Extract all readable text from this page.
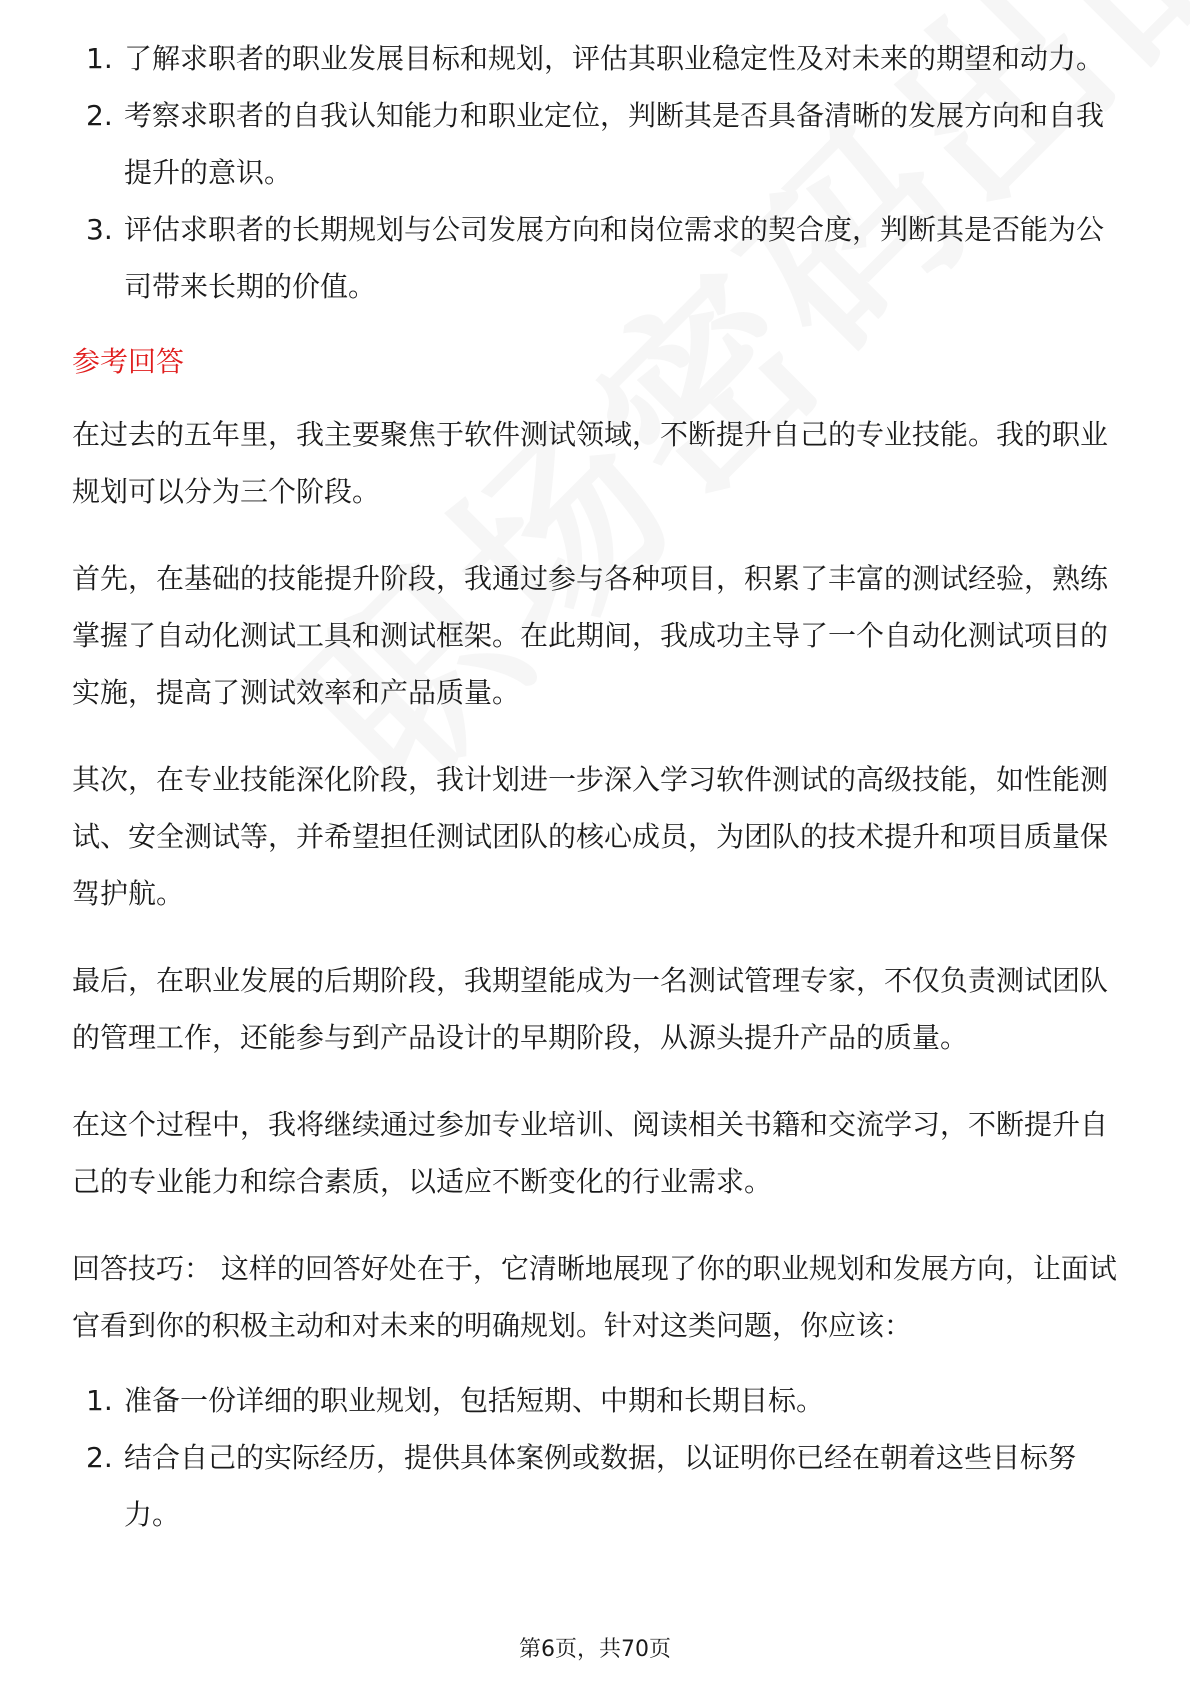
1. 了解求职者的职业发展目标和规划，评估其职业稳定性及对未来的期望和动力。
2. 考察求职者的自我认知能力和职业定位，判断其是否具备清晰的发展方向和自我提升的意识。
3. 评估求职者的长期规划与公司发展方向和岗位需求的契合度，判断其是否能为公司带来长期的价值。
参考回答

在过去的五年里，我主要聚焦于软件测试领域，不断提升自己的专业技能。我的职业规划可以分为三个阶段。

首先，在基础的技能提升阶段，我通过参与各种项目，积累了丰富的测试经验，熟练掌握了自动化测试工具和测试框架。在此期间，我成功主导了一个自动化测试项目的实施，提高了测试效率和产品质量。

其次，在专业技能深化阶段，我计划进一步深入学习软件测试的高级技能，如性能测试、安全测试等，并希望担任测试团队的核心成员，为团队的技术提升和项目质量保驾护航。

最后，在职业发展的后期阶段，我期望能成为一名测试管理专家，不仅负责测试团队的管理工作，还能参与到产品设计的早期阶段，从源头提升产品的质量。

在这个过程中，我将继续通过参加专业培训、阅读相关书籍和交流学习，不断提升自己的专业能力和综合素质，以适应不断变化的行业需求。

回答技巧： 这样的回答好处在于，它清晰地展现了你的职业规划和发展方向，让面试官看到你的积极主动和对未来的明确规划。针对这类问题，你应该：

1. 准备一份详细的职业规划，包括短期、中期和长期目标。
2. 结合自己的实际经历，提供具体案例或数据，以证明你已经在朝着这些目标努力。
第6页，共70页
